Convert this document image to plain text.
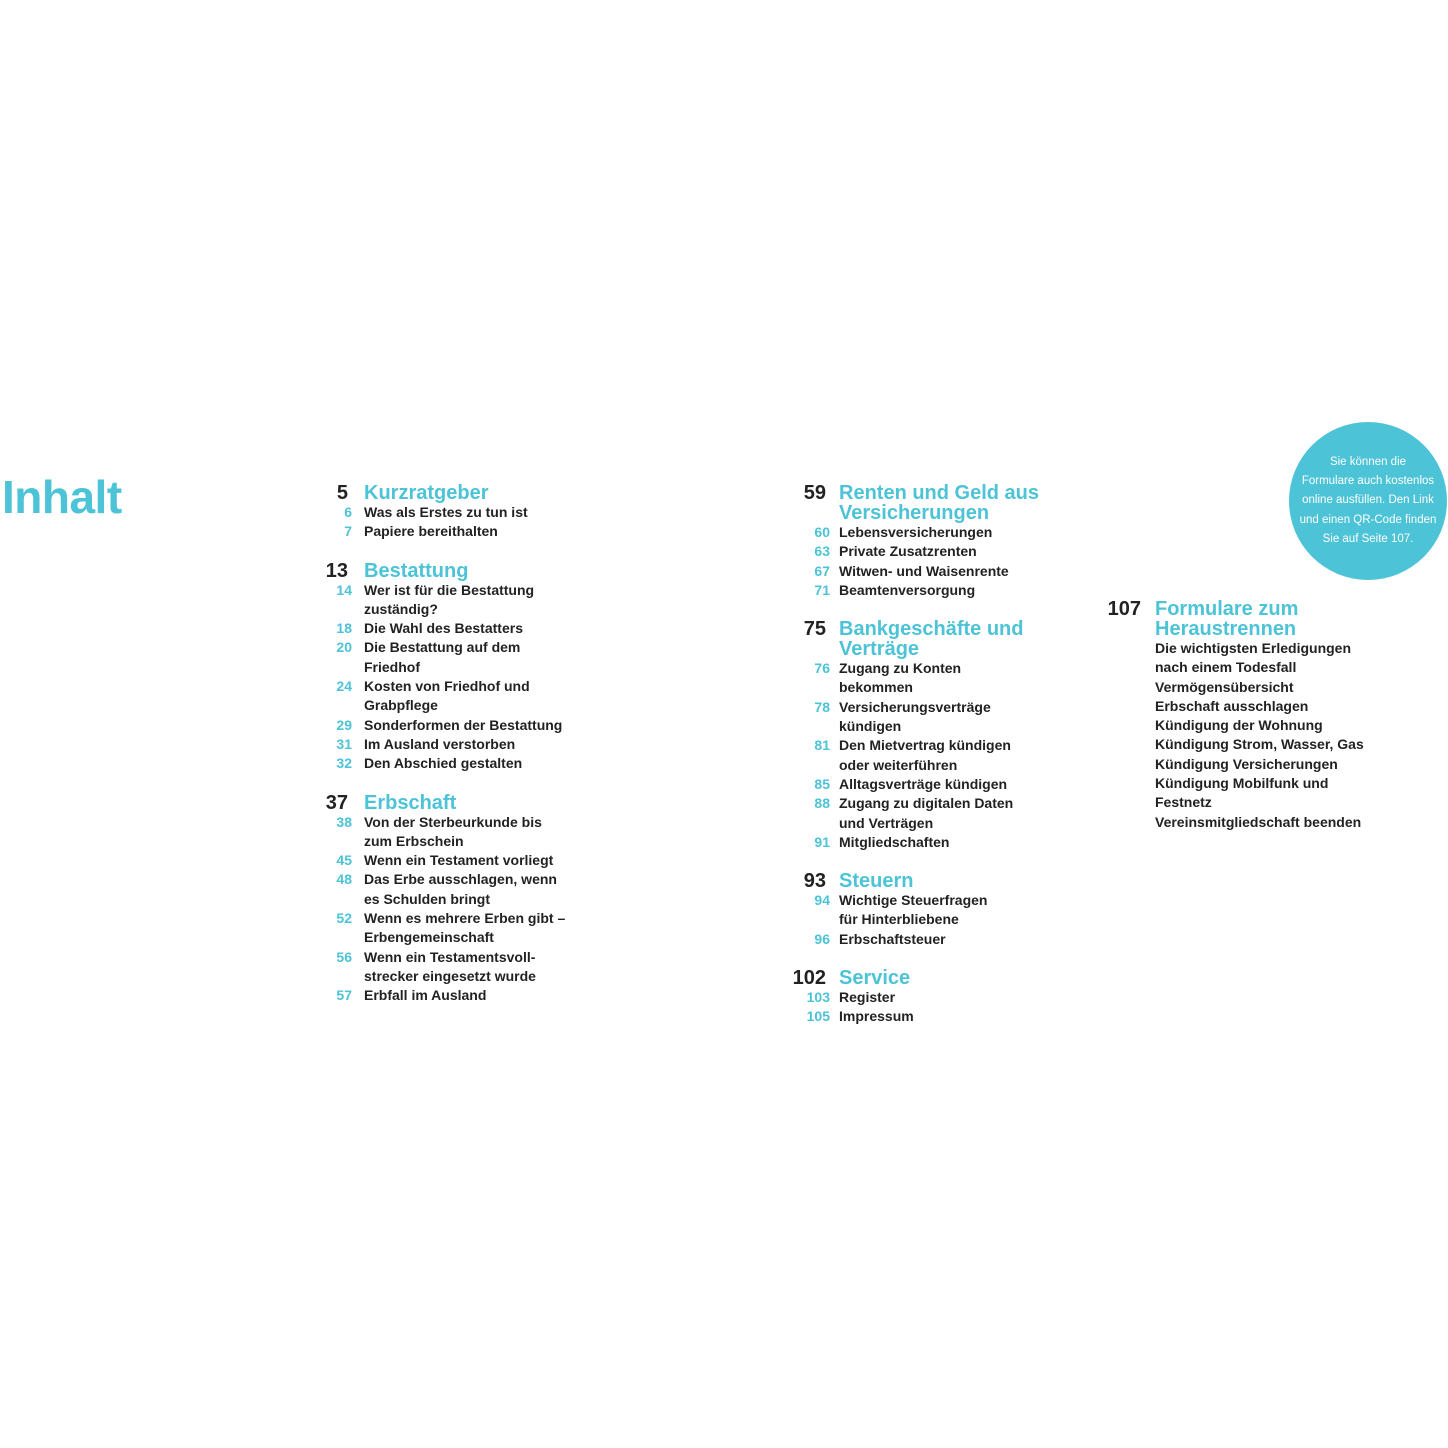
Inhalt
Sie können die
Formulare auch kostenlos
online ausfüllen. Den Link
und einen QR-Code finden
Sie auf Seite 107.
5 Kurzratgeber
6 Was als Erstes zu tun ist
7 Papiere bereithalten
13 Bestattung
14 Wer ist für die Bestattung
zuständig?
18 Die Wahl des Bestatters
20 Die Bestattung auf dem
Friedhof
24 Kosten von Friedhof und
Grabpflege
29 Sonderformen der Bestattung
31 Im Ausland verstorben
32 Den Abschied gestalten
37 Erbschaft
38 Von der Sterbeurkunde bis
zum Erbschein
45 Wenn ein Testament vorliegt
48 Das Erbe ausschlagen, wenn
es Schulden bringt
52 Wenn es mehrere Erben gibt –
Erbengemeinschaft
56 Wenn ein Testamentsvoll-
strecker eingesetzt wurde
57 Erbfall im Ausland
59 Renten und Geld aus
Versicherungen
60 Lebensversicherungen
63 Private Zusatzrenten
67 Witwen- und Waisenrente
71 Beamtenversorgung
75 Bankgeschäfte und
Verträge
76 Zugang zu Konten
bekommen
78 Versicherungsverträge
kündigen
81 Den Mietvertrag kündigen
oder weiterführen
85 Alltagsverträge kündigen
88 Zugang zu digitalen Daten
und Verträgen
91 Mitgliedschaften
93 Steuern
94 Wichtige Steuerfragen
für Hinterbliebene
96 Erbschaftsteuer
102 Service
103 Register
105 Impressum
107 Formulare zum
Heraustrennen
Die wichtigsten Erledigungen
nach einem Todesfall
Vermögensübersicht
Erbschaft ausschlagen
Kündigung der Wohnung
Kündigung Strom, Wasser, Gas
Kündigung Versicherungen
Kündigung Mobilfunk und
Festnetz
Vereinsmitgliedschaft beenden
